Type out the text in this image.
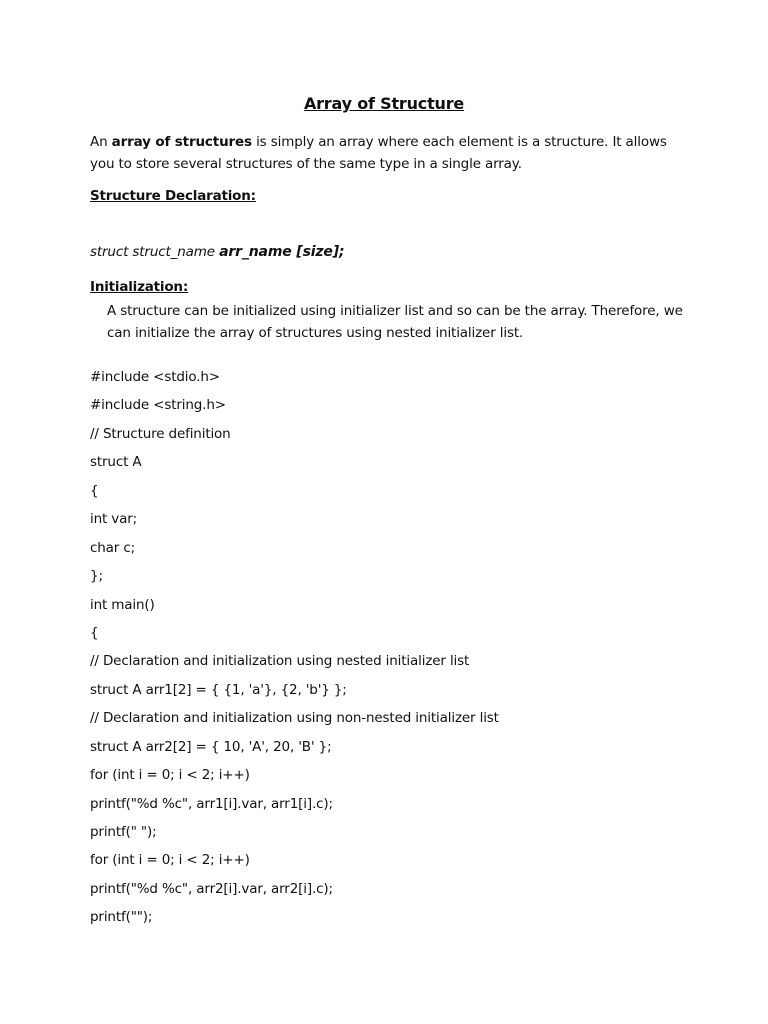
Array of Structure
An array of structures is simply an array where each element is a structure. It allows you to store several structures of the same type in a single array.
Structure Declaration:
struct struct_name arr_name [size];
Initialization:
A structure can be initialized using initializer list and so can be the array. Therefore, we can initialize the array of structures using nested initializer list.
#include <stdio.h>
#include <string.h>
// Structure definition
struct A
{
int var;
char c;
};
int main()
{
// Declaration and initialization using nested initializer list
struct A arr1[2] = { {1, 'a'}, {2, 'b'} };
// Declaration and initialization using non-nested initializer list
struct A arr2[2] = { 10, 'A', 20, 'B' };
for (int i = 0; i < 2; i++)
printf("%d %c", arr1[i].var, arr1[i].c);
printf(" ");
for (int i = 0; i < 2; i++)
printf("%d %c", arr2[i].var, arr2[i].c);
printf("");
